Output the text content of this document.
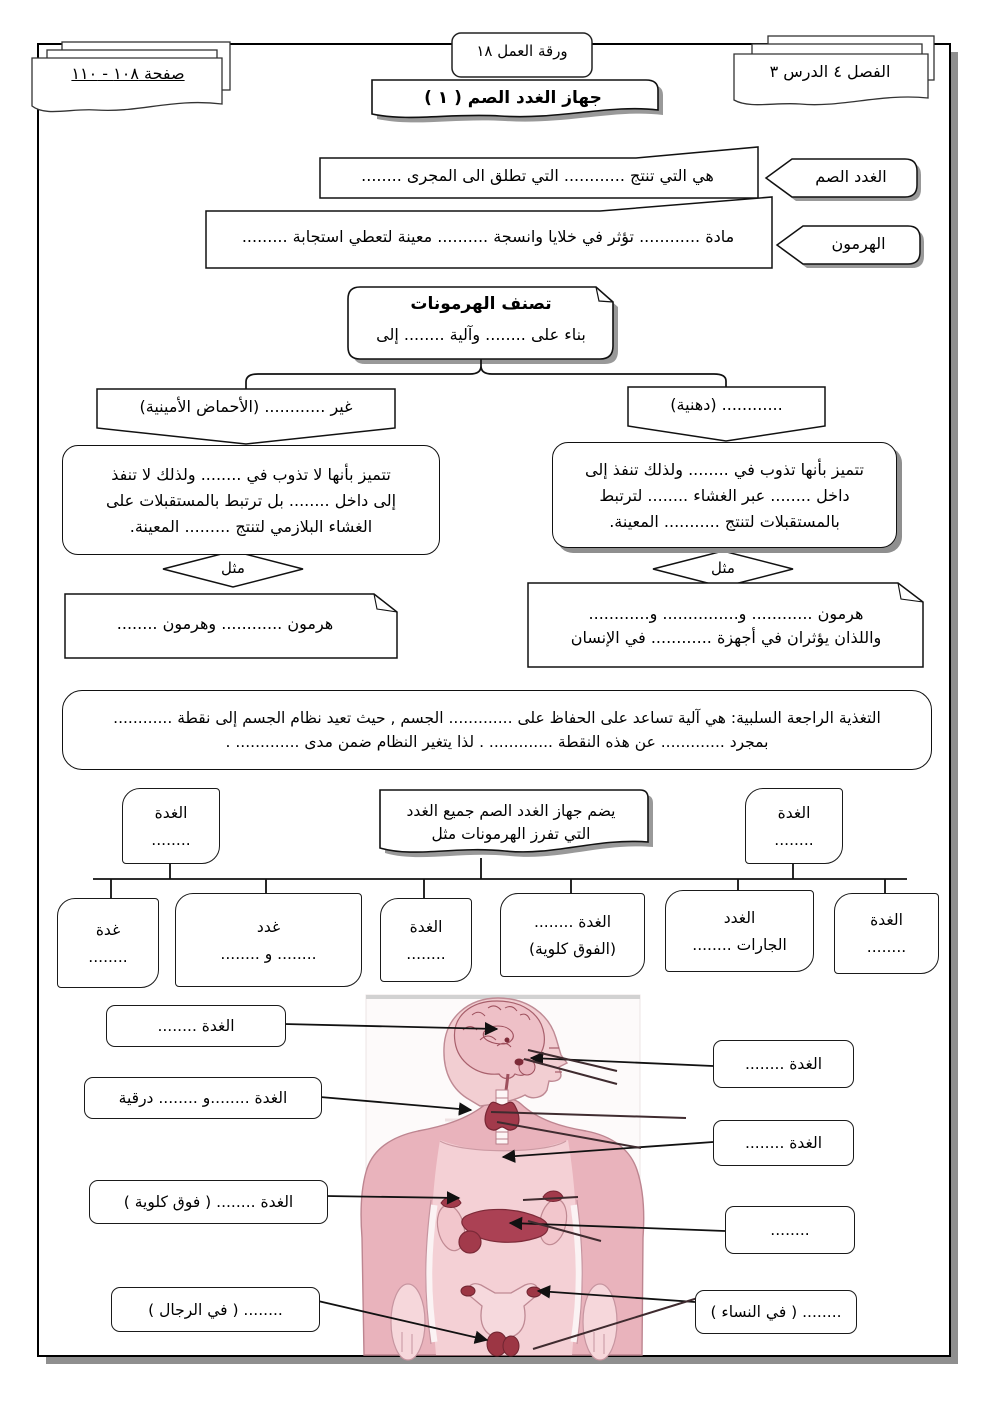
صفحة ١٠٨ - ١١٠	الفصل ٤ الدرس ٣
ورقة العمل ١٨
جهاز الغدد الصم ( ١ )
الغدد الصم
هي التي تنتج ............ التي تطلق الى المجرى ........
الهرمون
مادة ............ تؤثر في خلايا وانسجة .......... معينة لتعطي استجابة .........
تصنف الهرمونات
بناء على ........ وآلية ........ إلى
غير ............ (الأحماض الأمينية)	............ (دهنية)
تتميز بأنها لا تذوب في ........ ولذلك لا تنفذ
إلى داخل ........ بل ترتبط بالمستقبلات على
الغشاء البلازمي لتنتج ......... المعينة.
تتميز بأنها تذوب في ........ ولذلك تنفذ إلى
داخل ........ عبر الغشاء ........ لترتبط
بالمستقبلات لتنتج ........... المعينة.
مثل	مثل
هرمون ............ وهرمون ........
هرمون ............ و............... و............
واللذان يؤثران في أجهزة ............ في الإنسان
التغذية الراجعة السلبية: هي آلية تساعد على الحفاظ على ............. الجسم , حيث تعيد نظام الجسم إلى نقطة ............
بمجرد ............. عن هذه النقطة ............. . لذا يتغير النظام ضمن مدى ............. .
الغدة
........
الغدة
........
يضم جهاز الغدد الصم جميع الغدد
التي تفرز الهرمونات مثل
غدة
........
غدد
........ و ........
الغدة
........
الغدة ........
(الفوق كلوية)
الغدد
الجارات ........
الغدة
........
الغدة ........
الغدة ........
الغدة ........و ........ درقية
الغدة ........
الغدة ........ ( فوق كلوية )
........
........ ( في الرجال )	........ ( في النساء )
